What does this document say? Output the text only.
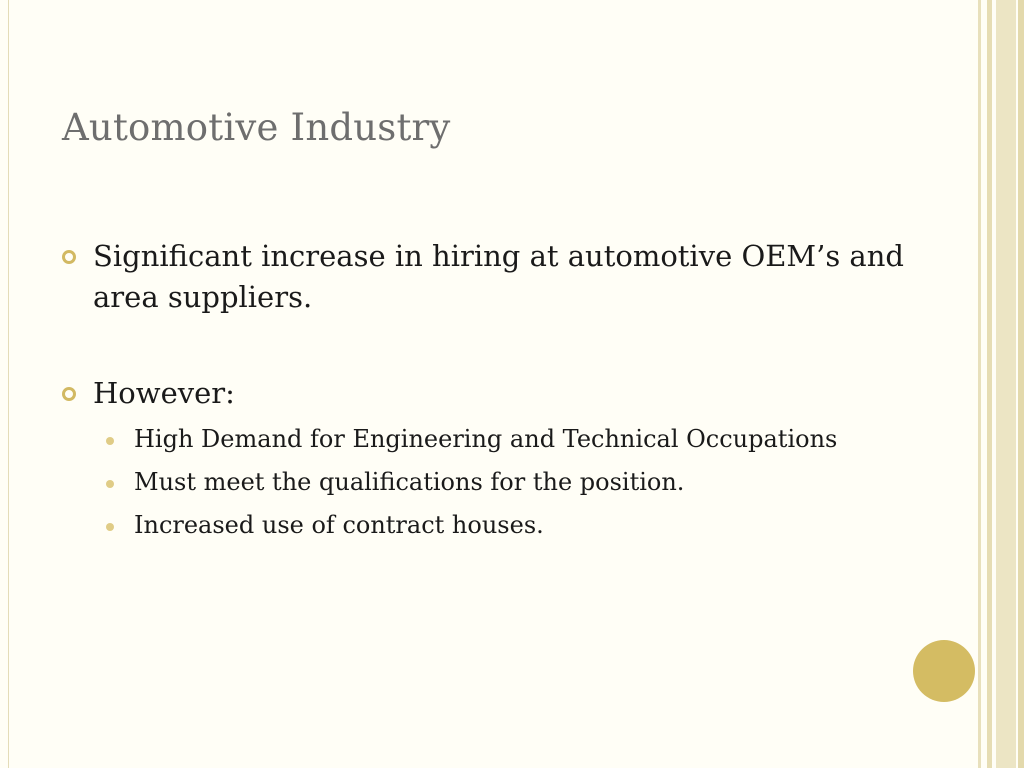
Automotive Industry
Significant increase in hiring at automotive OEM’s and area suppliers.
However:
High Demand for Engineering and Technical Occupations
Must meet the qualifications for the position.
Increased use of contract houses.
